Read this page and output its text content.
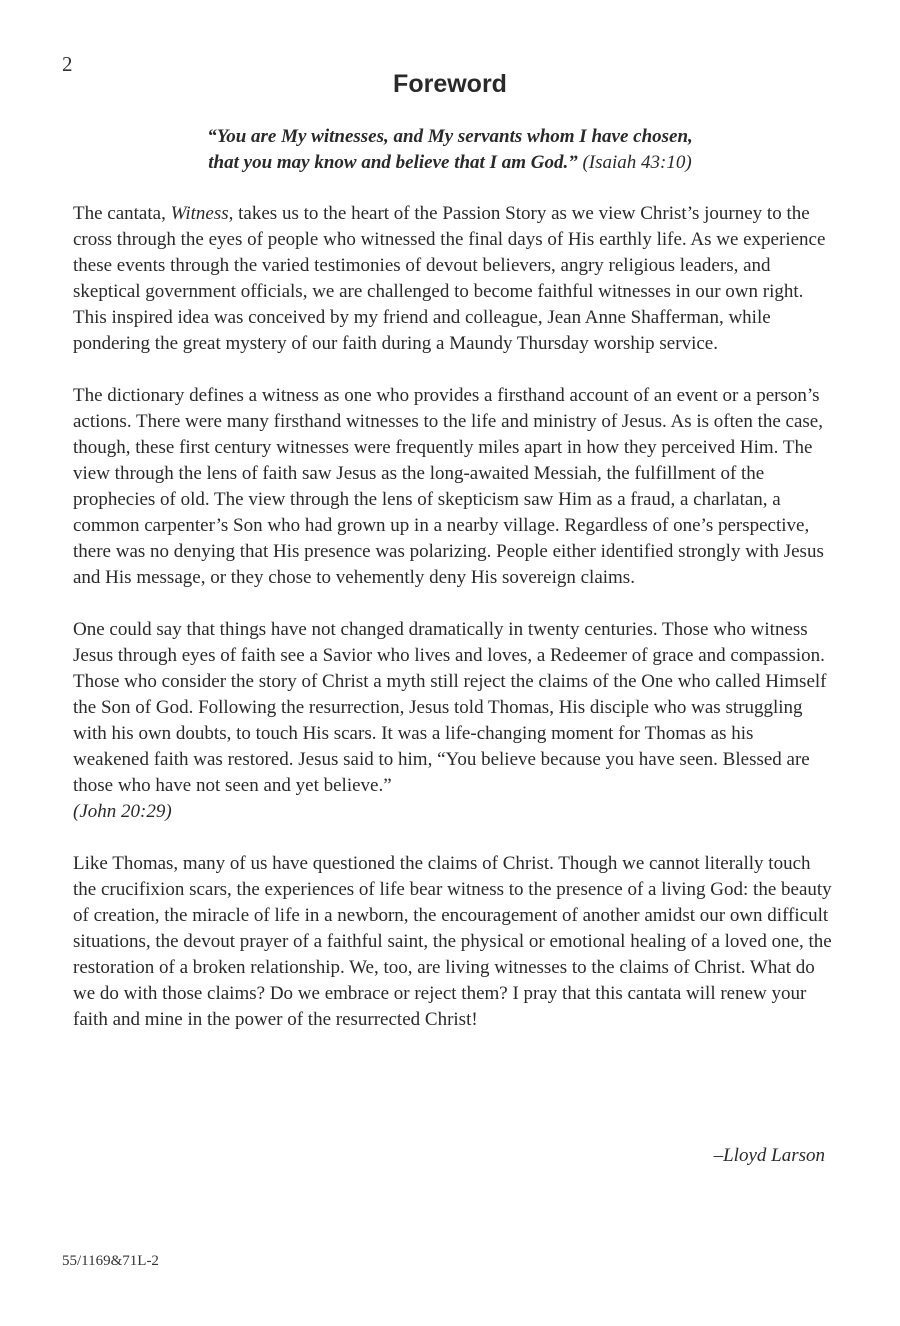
2
Foreword
“You are My witnesses, and My servants whom I have chosen,
that you may know and believe that I am God.” (Isaiah 43:10)

The cantata, Witness, takes us to the heart of the Passion Story as we view Christ’s journey to the cross through the eyes of people who witnessed the final days of His earthly life. As we experience these events through the varied testimonies of devout believers, angry religious leaders, and skeptical government officials, we are challenged to become faithful witnesses in our own right. This inspired idea was conceived by my friend and colleague, Jean Anne Shafferman, while pondering the great mystery of our faith during a Maundy Thursday worship service.

The dictionary defines a witness as one who provides a firsthand account of an event or a person’s actions. There were many firsthand witnesses to the life and ministry of Jesus. As is often the case, though, these first century witnesses were frequently miles apart in how they perceived Him. The view through the lens of faith saw Jesus as the long-awaited Messiah, the fulfillment of the prophecies of old. The view through the lens of skepticism saw Him as a fraud, a charlatan, a common carpenter’s Son who had grown up in a nearby village. Regardless of one’s perspective, there was no denying that His presence was polarizing. People either identified strongly with Jesus and His message, or they chose to vehemently deny His sovereign claims.

One could say that things have not changed dramatically in twenty centuries. Those who witness Jesus through eyes of faith see a Savior who lives and loves, a Redeemer of grace and compassion. Those who consider the story of Christ a myth still reject the claims of the One who called Himself the Son of God. Following the resurrection, Jesus told Thomas, His disciple who was struggling with his own doubts, to touch His scars. It was a life-changing moment for Thomas as his weakened faith was restored. Jesus said to him, “You believe because you have seen. Blessed are those who have not seen and yet believe.”
(John 20:29)

Like Thomas, many of us have questioned the claims of Christ. Though we cannot literally touch the crucifixion scars, the experiences of life bear witness to the presence of a living God: the beauty of creation, the miracle of life in a newborn, the encouragement of another amidst our own difficult situations, the devout prayer of a faithful saint, the physical or emotional healing of a loved one, the restoration of a broken relationship. We, too, are living witnesses to the claims of Christ. What do we do with those claims? Do we embrace or reject them? I pray that this cantata will renew your faith and mine in the power of the resurrected Christ!

–Lloyd Larson
55/1169&71L-2
